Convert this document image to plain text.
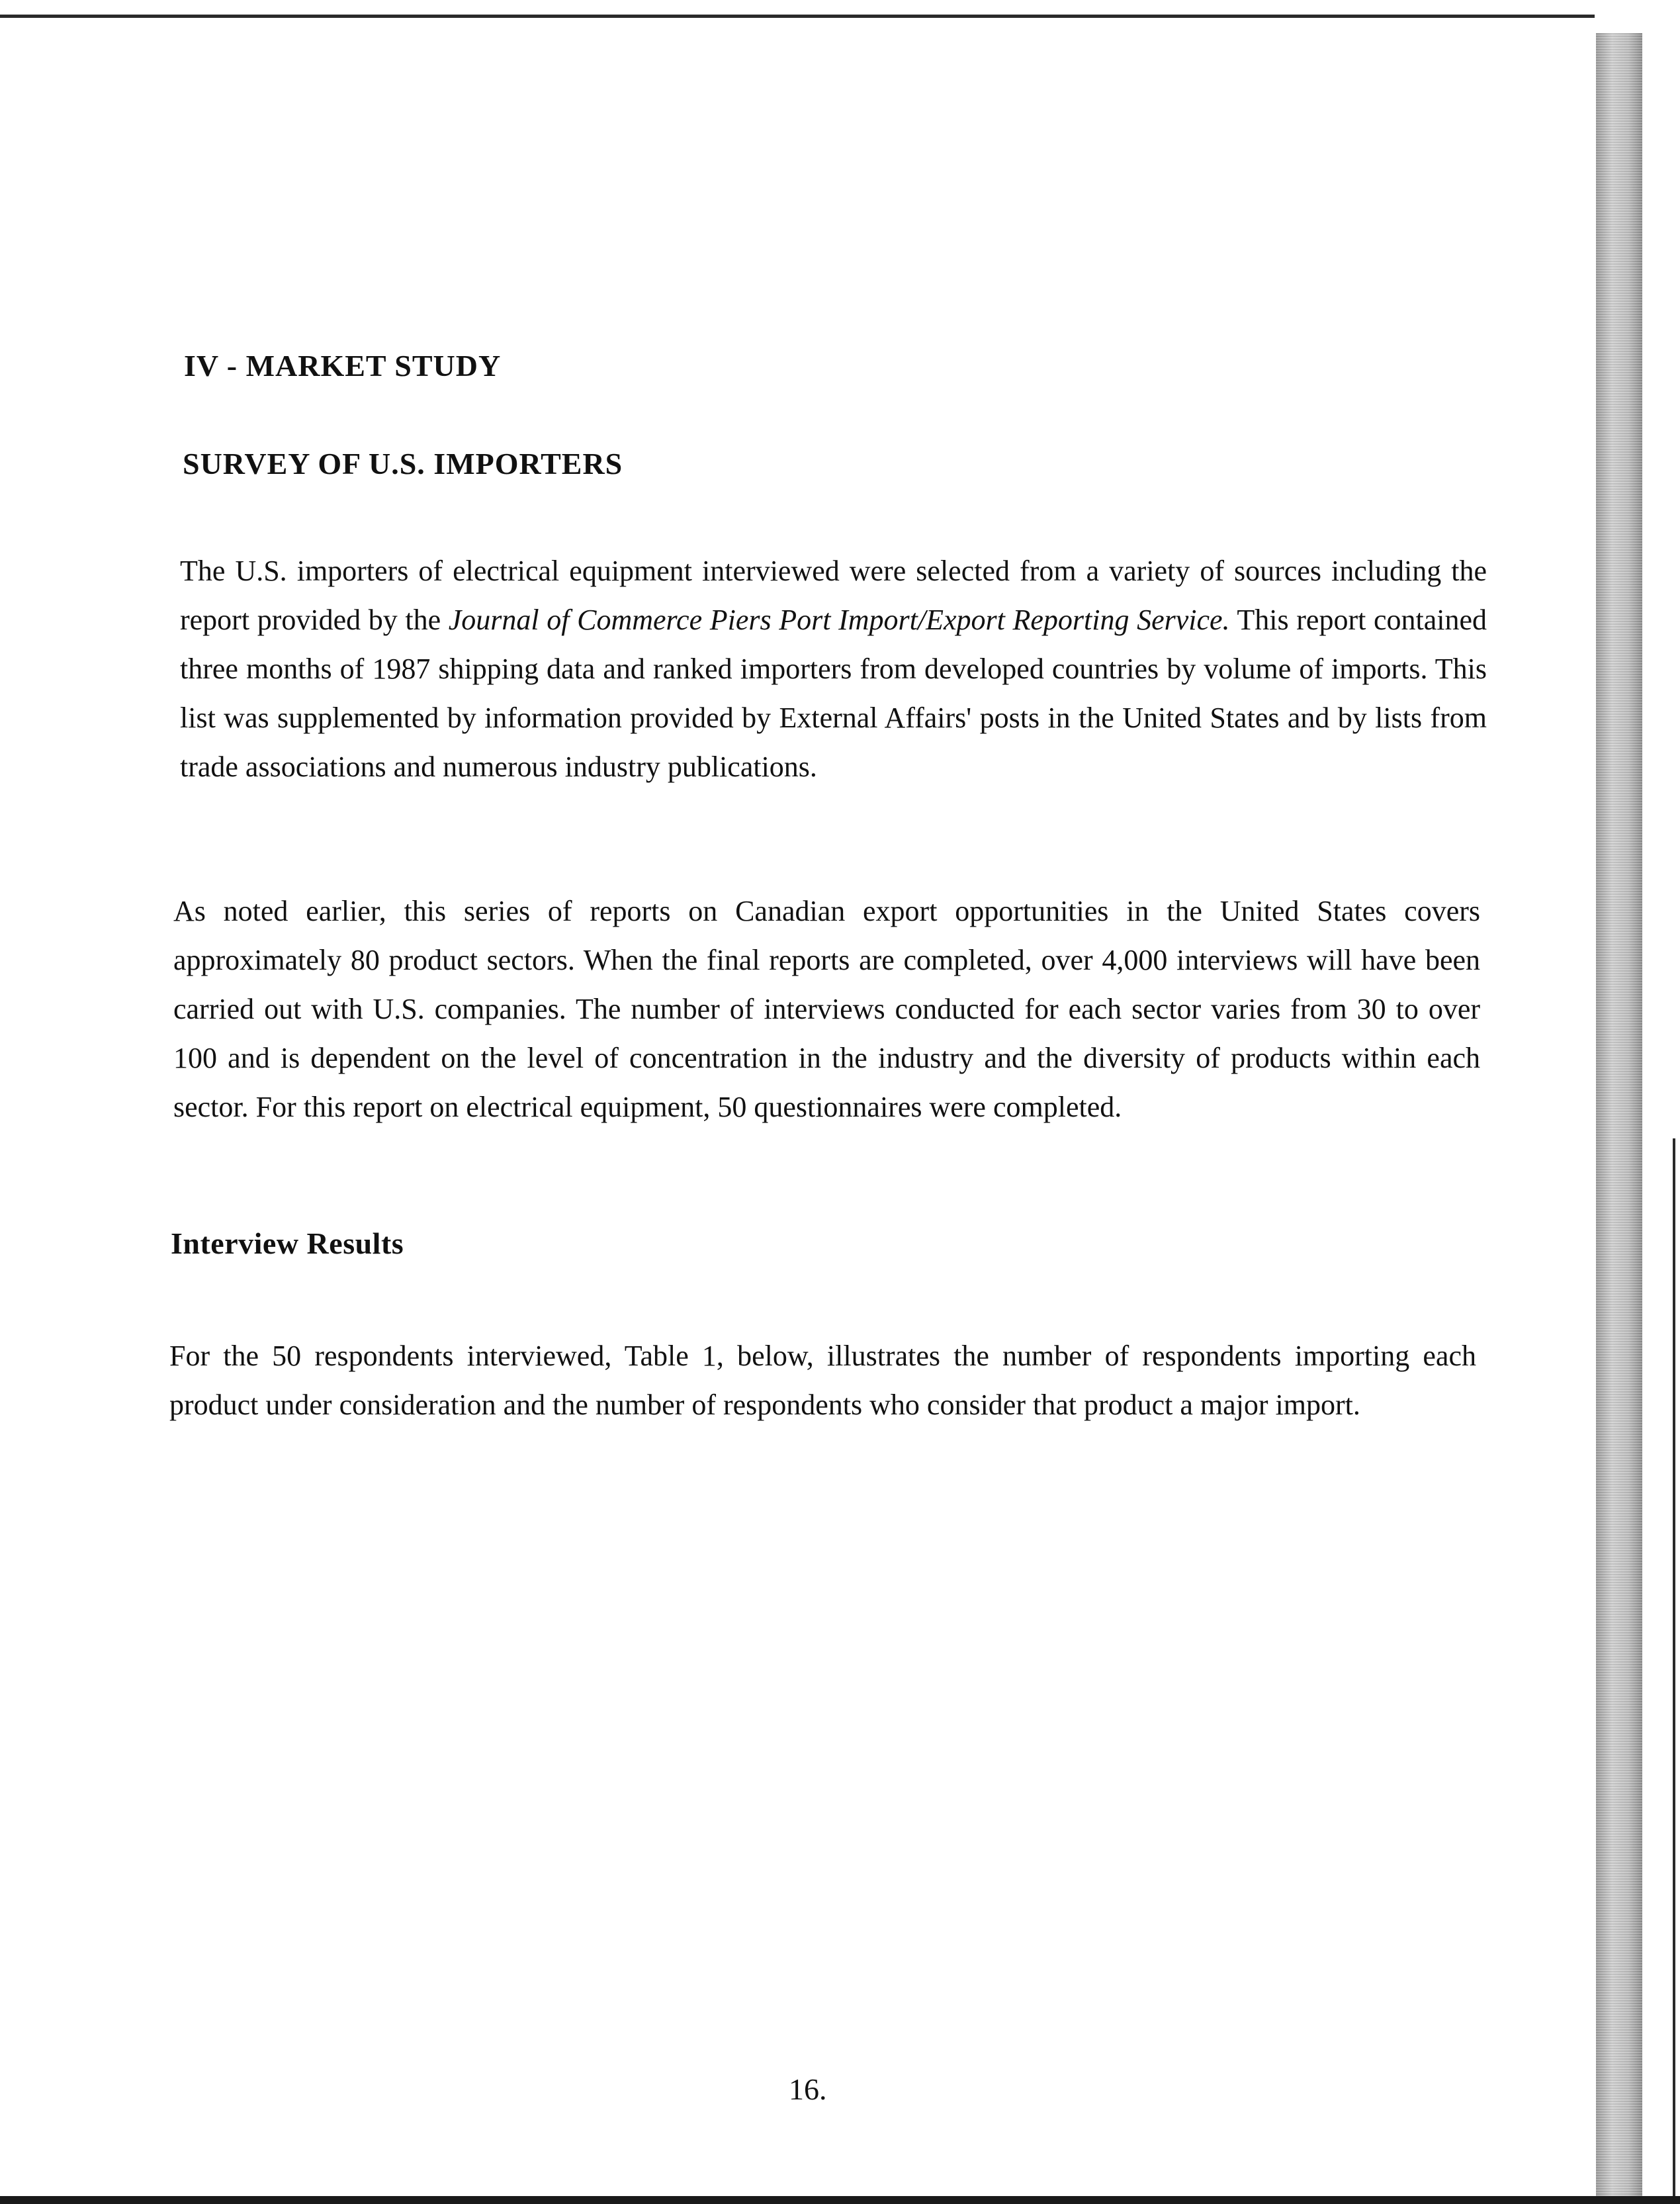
IV - MARKET STUDY
SURVEY OF U.S. IMPORTERS

The U.S. importers of electrical equipment interviewed were selected from a variety of sources including the report provided by the Journal of Commerce Piers Port Import/Export Reporting Service. This report contained three months of 1987 shipping data and ranked importers from developed countries by volume of imports. This list was supplemented by information provided by External Affairs' posts in the United States and by lists from trade associations and numerous industry publications.

As noted earlier, this series of reports on Canadian export opportunities in the United States covers approximately 80 product sectors. When the final reports are completed, over 4,000 interviews will have been carried out with U.S. companies. The number of interviews conducted for each sector varies from 30 to over 100 and is dependent on the level of concentration in the industry and the diversity of products within each sector. For this report on electrical equipment, 50 questionnaires were completed.

Interview Results

For the 50 respondents interviewed, Table 1, below, illustrates the number of respondents importing each product under consideration and the number of respondents who consider that product a major import.

16.
